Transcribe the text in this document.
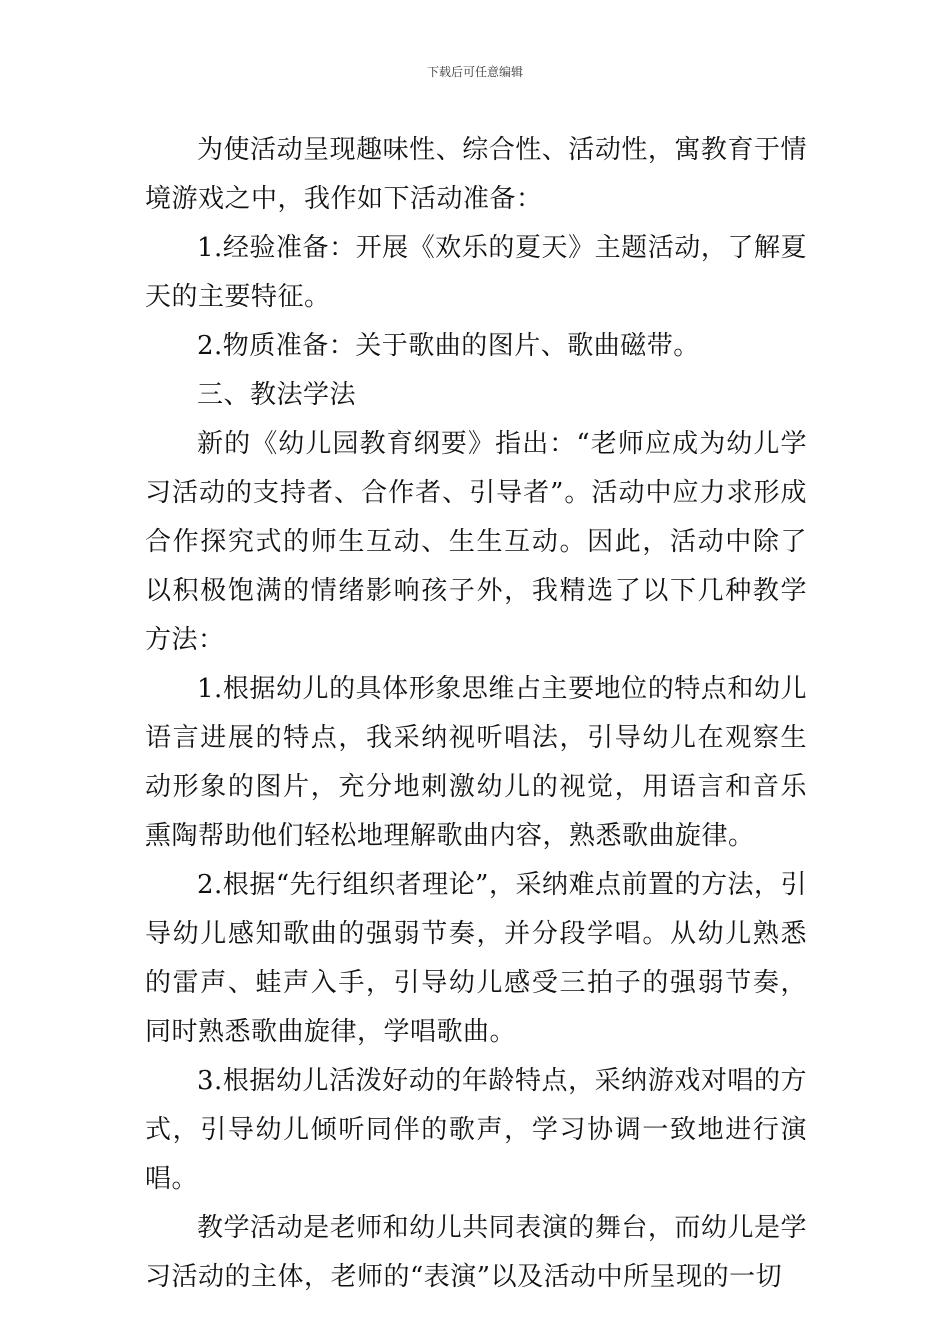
下载后可任意编辑

为使活动呈现趣味性、综合性、活动性，寓教育于情境游戏之中，我作如下活动准备：

1.经验准备：开展《欢乐的夏天》主题活动，了解夏天的主要特征。

2.物质准备：关于歌曲的图片、歌曲磁带。

三、教法学法

新的《幼儿园教育纲要》指出：“老师应成为幼儿学习活动的支持者、合作者、引导者”。活动中应力求形成合作探究式的师生互动、生生互动。因此，活动中除了以积极饱满的情绪影响孩子外，我精选了以下几种教学方法：

1.根据幼儿的具体形象思维占主要地位的特点和幼儿语言进展的特点，我采纳视听唱法，引导幼儿在观察生动形象的图片，充分地刺激幼儿的视觉，用语言和音乐熏陶帮助他们轻松地理解歌曲内容，熟悉歌曲旋律。

2.根据“先行组织者理论”，采纳难点前置的方法，引导幼儿感知歌曲的强弱节奏，并分段学唱。从幼儿熟悉的雷声、蛙声入手，引导幼儿感受三拍子的强弱节奏，同时熟悉歌曲旋律，学唱歌曲。

3.根据幼儿活泼好动的年龄特点，采纳游戏对唱的方式，引导幼儿倾听同伴的歌声，学习协调一致地进行演唱。

教学活动是老师和幼儿共同表演的舞台，而幼儿是学习活动的主体，老师的“表演”以及活动中所呈现的一切
